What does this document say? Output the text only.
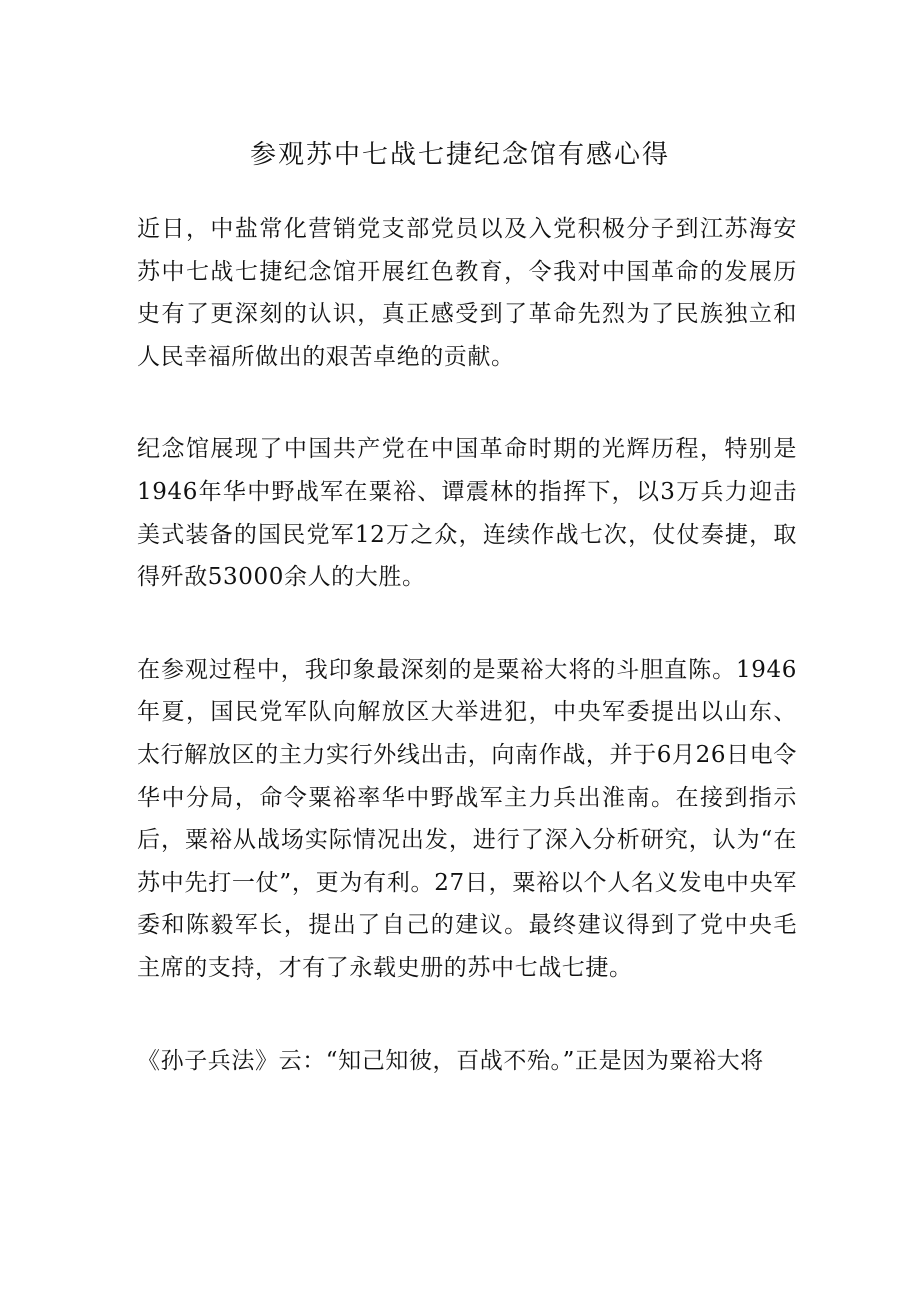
参观苏中七战七捷纪念馆有感心得

近日，中盐常化营销党支部党员以及入党积极分子到江苏海安苏中七战七捷纪念馆开展红色教育，令我对中国革命的发展历史有了更深刻的认识，真正感受到了革命先烈为了民族独立和人民幸福所做出的艰苦卓绝的贡献。

纪念馆展现了中国共产党在中国革命时期的光辉历程，特别是1946年华中野战军在粟裕、谭震林的指挥下，以3万兵力迎击美式装备的国民党军12万之众，连续作战七次，仗仗奏捷，取得歼敌53000余人的大胜。

在参观过程中，我印象最深刻的是粟裕大将的斗胆直陈。1946年夏，国民党军队向解放区大举进犯，中央军委提出以山东、太行解放区的主力实行外线出击，向南作战，并于6月26日电令华中分局，命令粟裕率华中野战军主力兵出淮南。在接到指示后，粟裕从战场实际情况出发，进行了深入分析研究，认为“在苏中先打一仗”，更为有利。27日，粟裕以个人名义发电中央军委和陈毅军长，提出了自己的建议。最终建议得到了党中央毛主席的支持，才有了永载史册的苏中七战七捷。

《孙子兵法》云：“知己知彼，百战不殆。”正是因为粟裕大将
